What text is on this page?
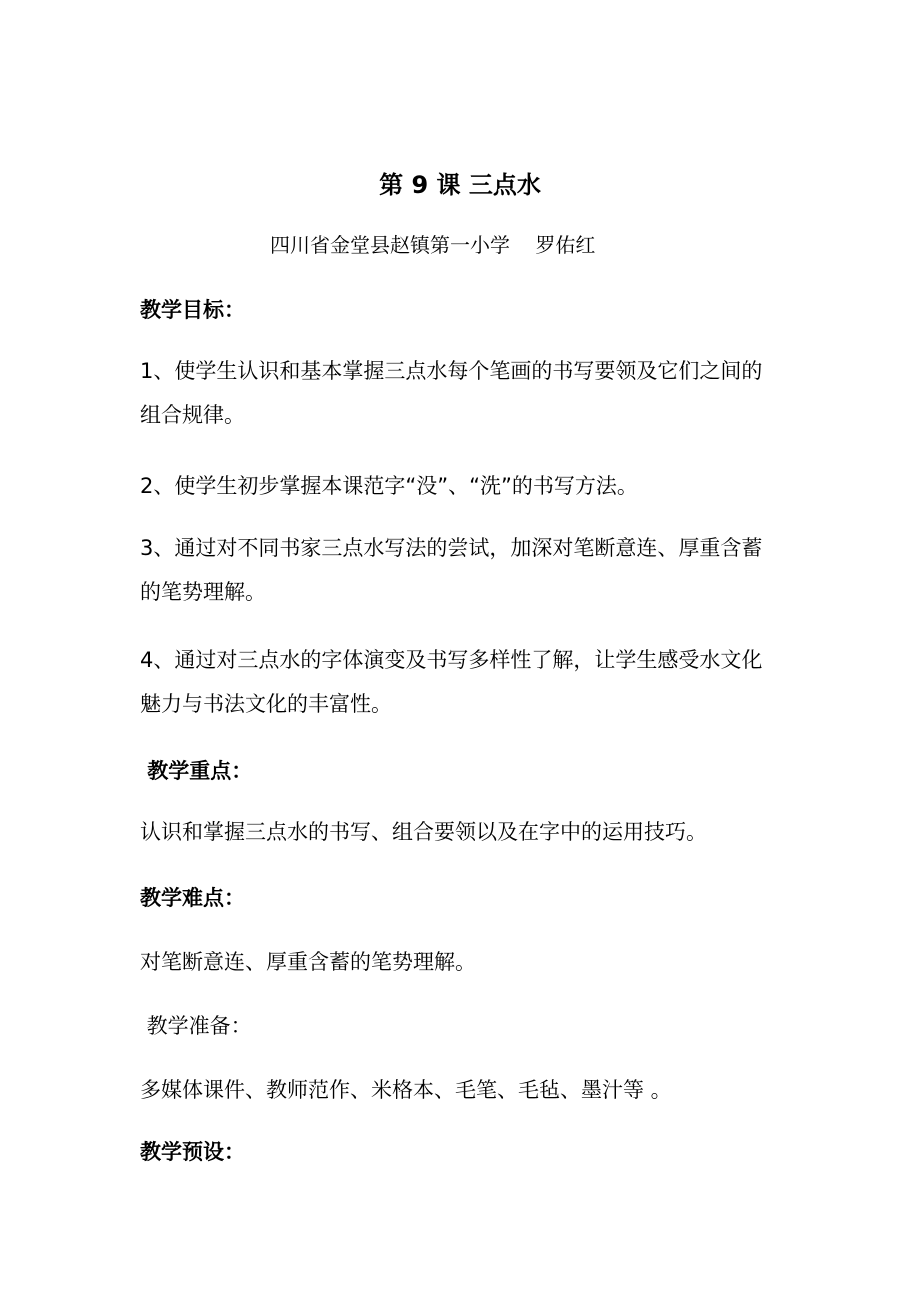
第 9 课 三点水
四川省金堂县赵镇第一小学    罗佑红
教学目标：
1、使学生认识和基本掌握三点水每个笔画的书写要领及它们之间的
组合规律。
2、使学生初步掌握本课范字“没”、“洗”的书写方法。
3、通过对不同书家三点水写法的尝试，加深对笔断意连、厚重含蓄
的笔势理解。
4、通过对三点水的字体演变及书写多样性了解，让学生感受水文化
魅力与书法文化的丰富性。
教学重点：
认识和掌握三点水的书写、组合要领以及在字中的运用技巧。
教学难点：
对笔断意连、厚重含蓄的笔势理解。
教学准备：
多媒体课件、教师范作、米格本、毛笔、毛毡、墨汁等 。
教学预设：
